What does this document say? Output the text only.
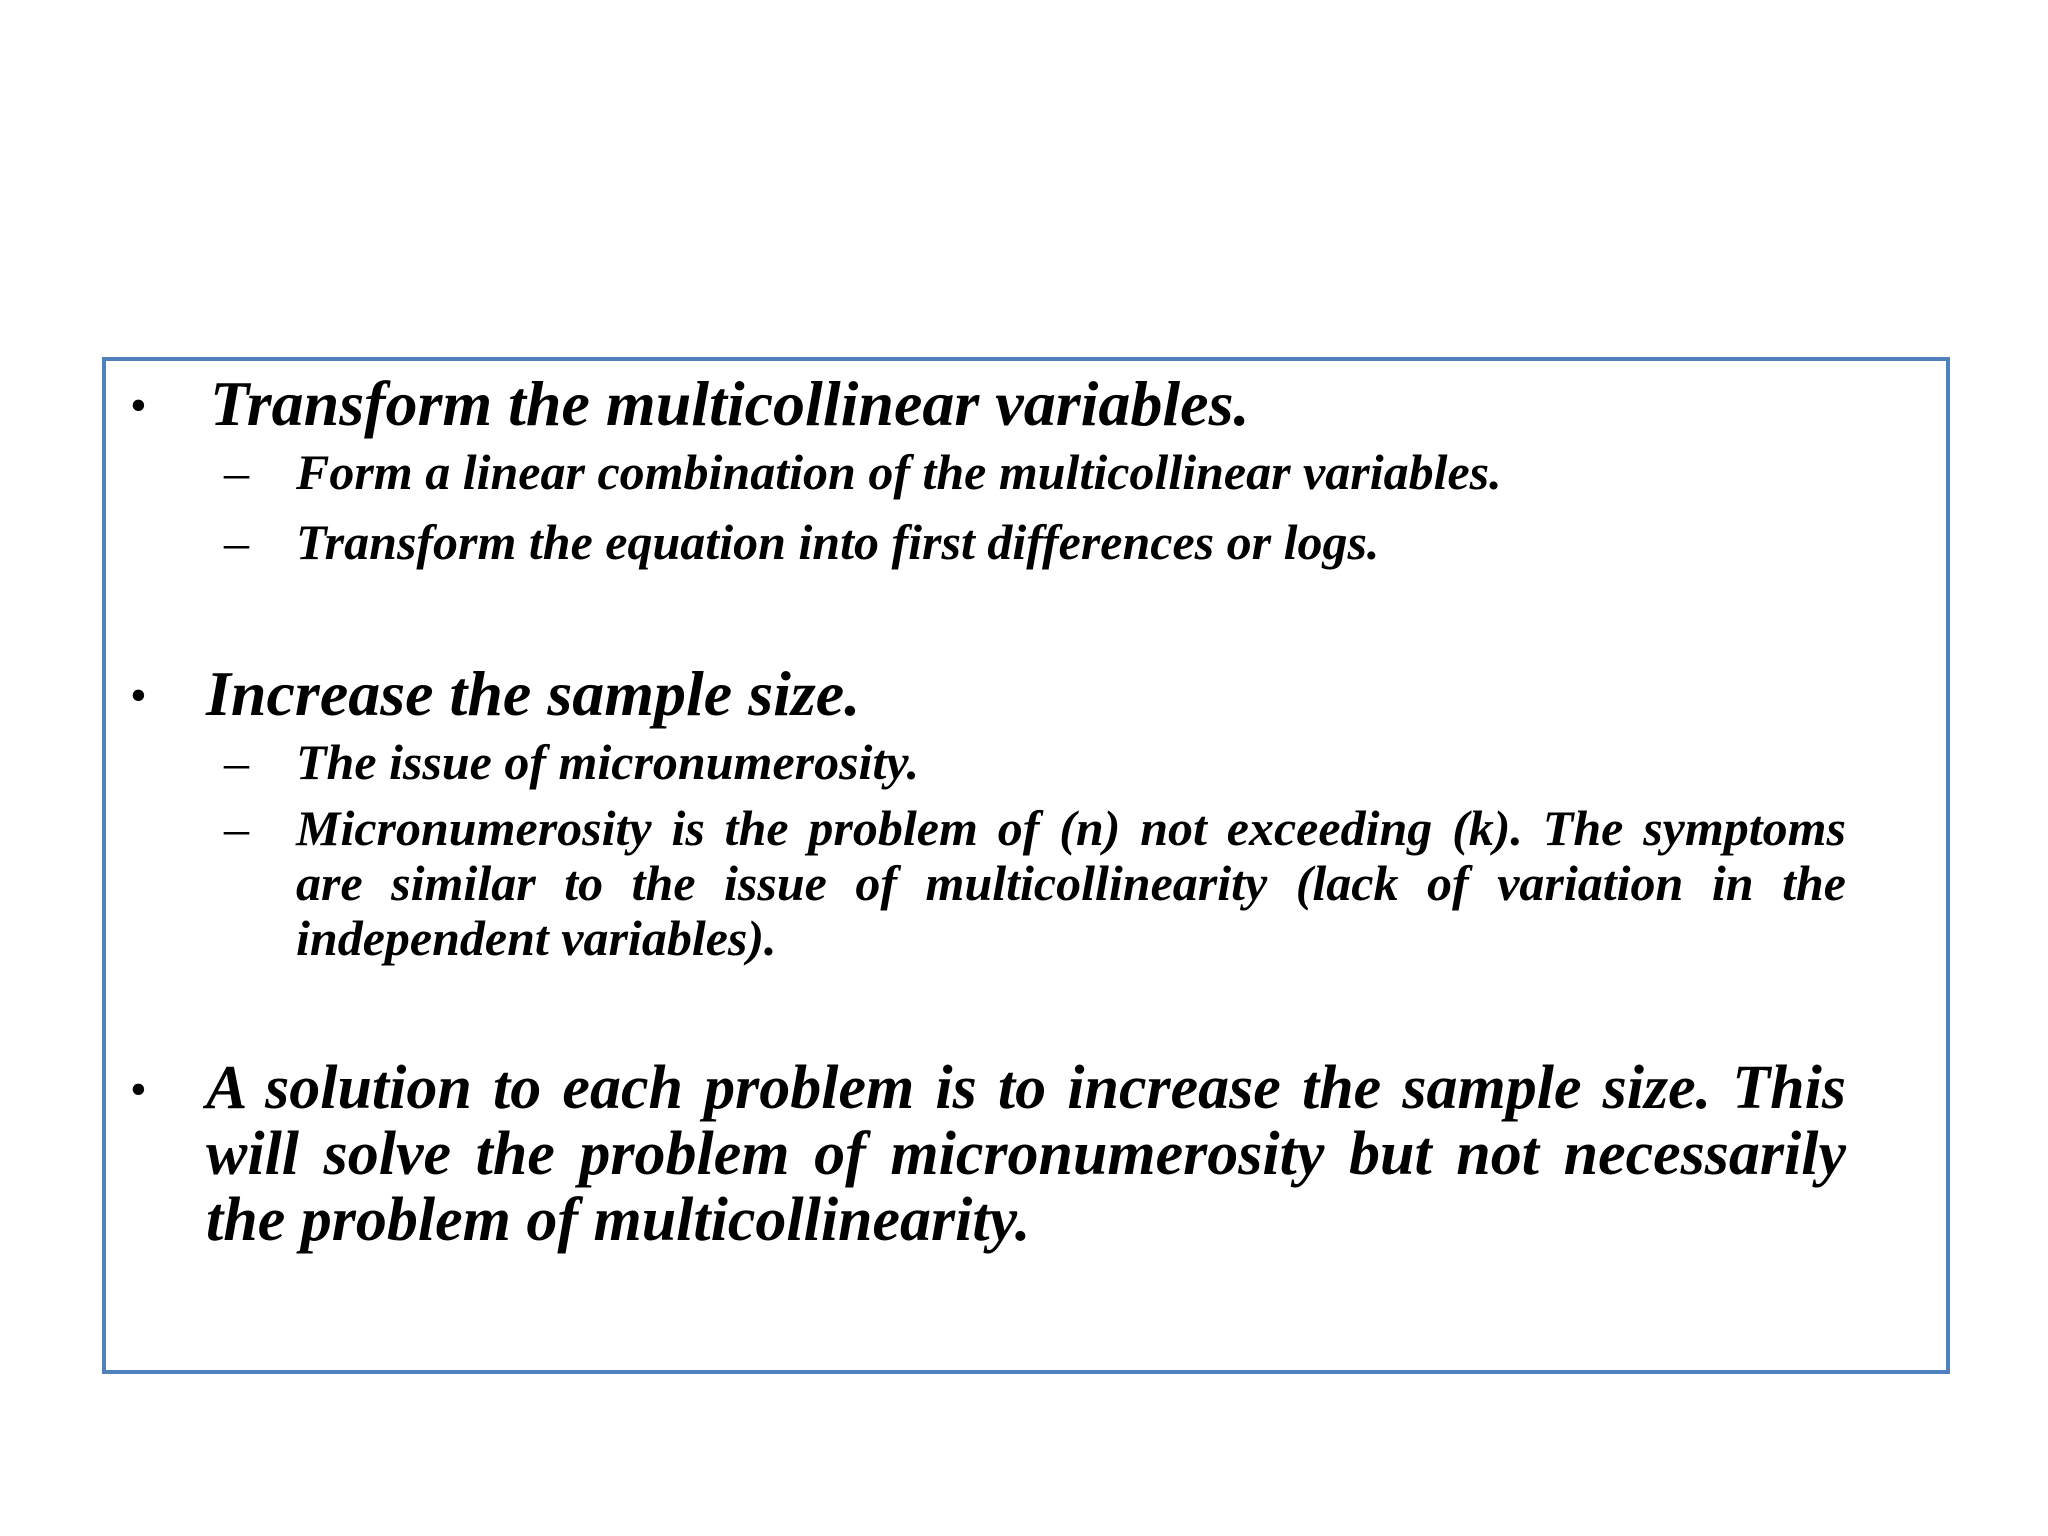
• Transform the multicollinear variables.
– Form a linear combination of the multicollinear variables.
– Transform the equation into first differences or logs.
• Increase the sample size.
– The issue of micronumerosity.
– Micronumerosity is the problem of (n) not exceeding (k). The symptoms are similar to the issue of multicollinearity (lack of variation in the independent variables).
• A solution to each problem is to increase the sample size. This will solve the problem of micronumerosity but not necessarily the problem of multicollinearity.
